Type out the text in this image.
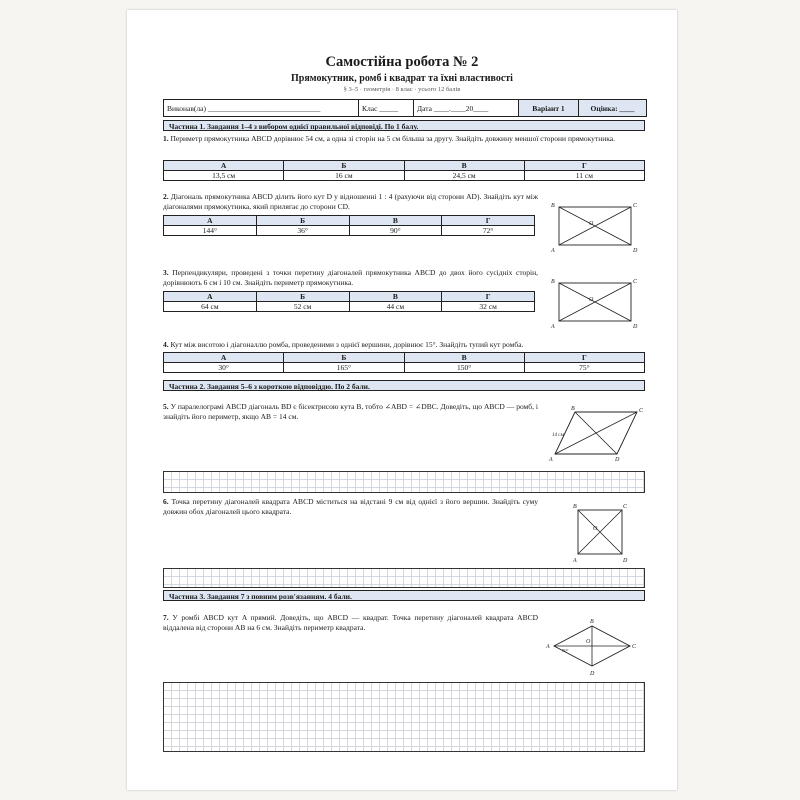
Самостійна робота № 2
Прямокутник, ромб і квадрат та їхні властивості
§ 3–5 · геометрія · 8 клас · усього 12 балів
Виконав(ла) ______________________________	Клас _____	Дата ____.____20____	Варіант 1	Оцінка: ____
Частина 1. Завдання 1–4 з вибором однієї правильної відповіді. По 1 балу.
1. Периметр прямокутника ABCD дорівнює 54 см, а одна зі сторін на 5 см більша за другу. Знайдіть довжину меншої сторони прямокутника.
А	Б	В	Г
13,5 см	16 см	24,5 см	11 см
2. Діагональ прямокутника ABCD ділить його кут D у відношенні 1 : 4 (рахуючи від сторони AD). Знайдіть кут між діагоналями прямокутника, який прилягає до сторони CD.
А	Б	В	Г
144°	36°	90°	72°
B	C
A	D
O
3. Перпендикуляри, проведені з точки перетину діагоналей прямокутника ABCD до двох його сусідніх сторін, дорівнюють 6 см і 10 см. Знайдіть периметр прямокутника.
А	Б	В	Г
64 см	52 см	44 см	32 см
B	C
A	D
O
4. Кут між висотою і діагоналлю ромба, проведеними з однієї вершини, дорівнює 15°. Знайдіть тупий кут ромба.
А	Б	В	Г
30°	165°	150°	75°
Частина 2. Завдання 5–6 з короткою відповіддю. По 2 бали.
5. У паралелограмі ABCD діагональ BD є бісектрисою кута B, тобто ∠ABD = ∠DBC. Доведіть, що ABCD — ромб, і знайдіть його периметр, якщо AB = 14 см.
B	C
A	D
14 см
6. Точка перетину діагоналей квадрата ABCD міститься на відстані 9 см від однієї з його вершин. Знайдіть суму довжин обох діагоналей цього квадрата.	B	C
A	D
O
Частина 3. Завдання 7 з повним розв'язанням. 4 бали.
7. У ромбі ABCD кут A прямий. Доведіть, що ABCD — квадрат. Точка перетину діагоналей квадрата ABCD віддалена від сторони AB на 6 см. Знайдіть периметр квадрата.
B
C
A
D
O
90°
